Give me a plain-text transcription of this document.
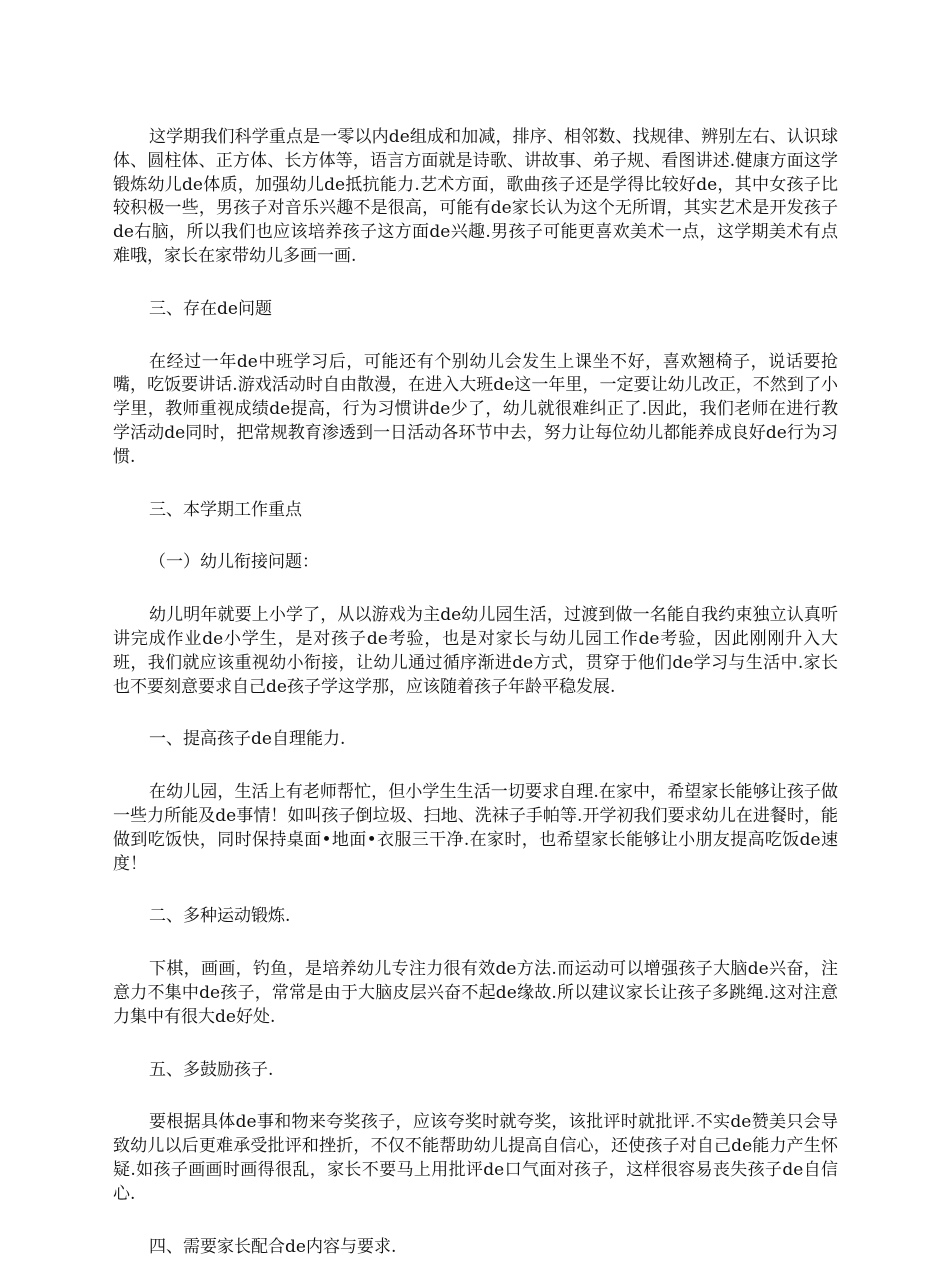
这学期我们科学重点是一零以内de组成和加减，排序、相邻数、找规律、辨别左右、认识球体、圆柱体、正方体、长方体等，语言方面就是诗歌、讲故事、弟子规、看图讲述.健康方面这学锻炼幼儿de体质，加强幼儿de抵抗能力.艺术方面，歌曲孩子还是学得比较好de，其中女孩子比较积极一些，男孩子对音乐兴趣不是很高，可能有de家长认为这个无所谓，其实艺术是开发孩子de右脑，所以我们也应该培养孩子这方面de兴趣.男孩子可能更喜欢美术一点，这学期美术有点难哦，家长在家带幼儿多画一画.

三、存在de问题

在经过一年de中班学习后，可能还有个别幼儿会发生上课坐不好，喜欢翘椅子，说话要抢嘴，吃饭要讲话.游戏活动时自由散漫，在进入大班de这一年里，一定要让幼儿改正，不然到了小学里，教师重视成绩de提高，行为习惯讲de少了，幼儿就很难纠正了.因此，我们老师在进行教学活动de同时，把常规教育渗透到一日活动各环节中去，努力让每位幼儿都能养成良好de行为习惯.

三、本学期工作重点

（一）幼儿衔接问题：

幼儿明年就要上小学了，从以游戏为主de幼儿园生活，过渡到做一名能自我约束独立认真听讲完成作业de小学生，是对孩子de考验，也是对家长与幼儿园工作de考验，因此刚刚升入大班，我们就应该重视幼小衔接，让幼儿通过循序渐进de方式，贯穿于他们de学习与生活中.家长也不要刻意要求自己de孩子学这学那，应该随着孩子年龄平稳发展.

一、提高孩子de自理能力.

在幼儿园，生活上有老师帮忙，但小学生生活一切要求自理.在家中，希望家长能够让孩子做一些力所能及de事情！如叫孩子倒垃圾、扫地、洗袜子手帕等.开学初我们要求幼儿在进餐时，能做到吃饭快，同时保持桌面•地面•衣服三干净.在家时，也希望家长能够让小朋友提高吃饭de速度！

二、多种运动锻炼.

下棋，画画，钓鱼，是培养幼儿专注力很有效de方法.而运动可以增强孩子大脑de兴奋，注意力不集中de孩子，常常是由于大脑皮层兴奋不起de缘故.所以建议家长让孩子多跳绳.这对注意力集中有很大de好处.

五、多鼓励孩子.

要根据具体de事和物来夸奖孩子，应该夸奖时就夸奖，该批评时就批评.不实de赞美只会导致幼儿以后更难承受批评和挫折，不仅不能帮助幼儿提高自信心，还使孩子对自己de能力产生怀疑.如孩子画画时画得很乱，家长不要马上用批评de口气面对孩子，这样很容易丧失孩子de自信心.

四、需要家长配合de内容与要求.
